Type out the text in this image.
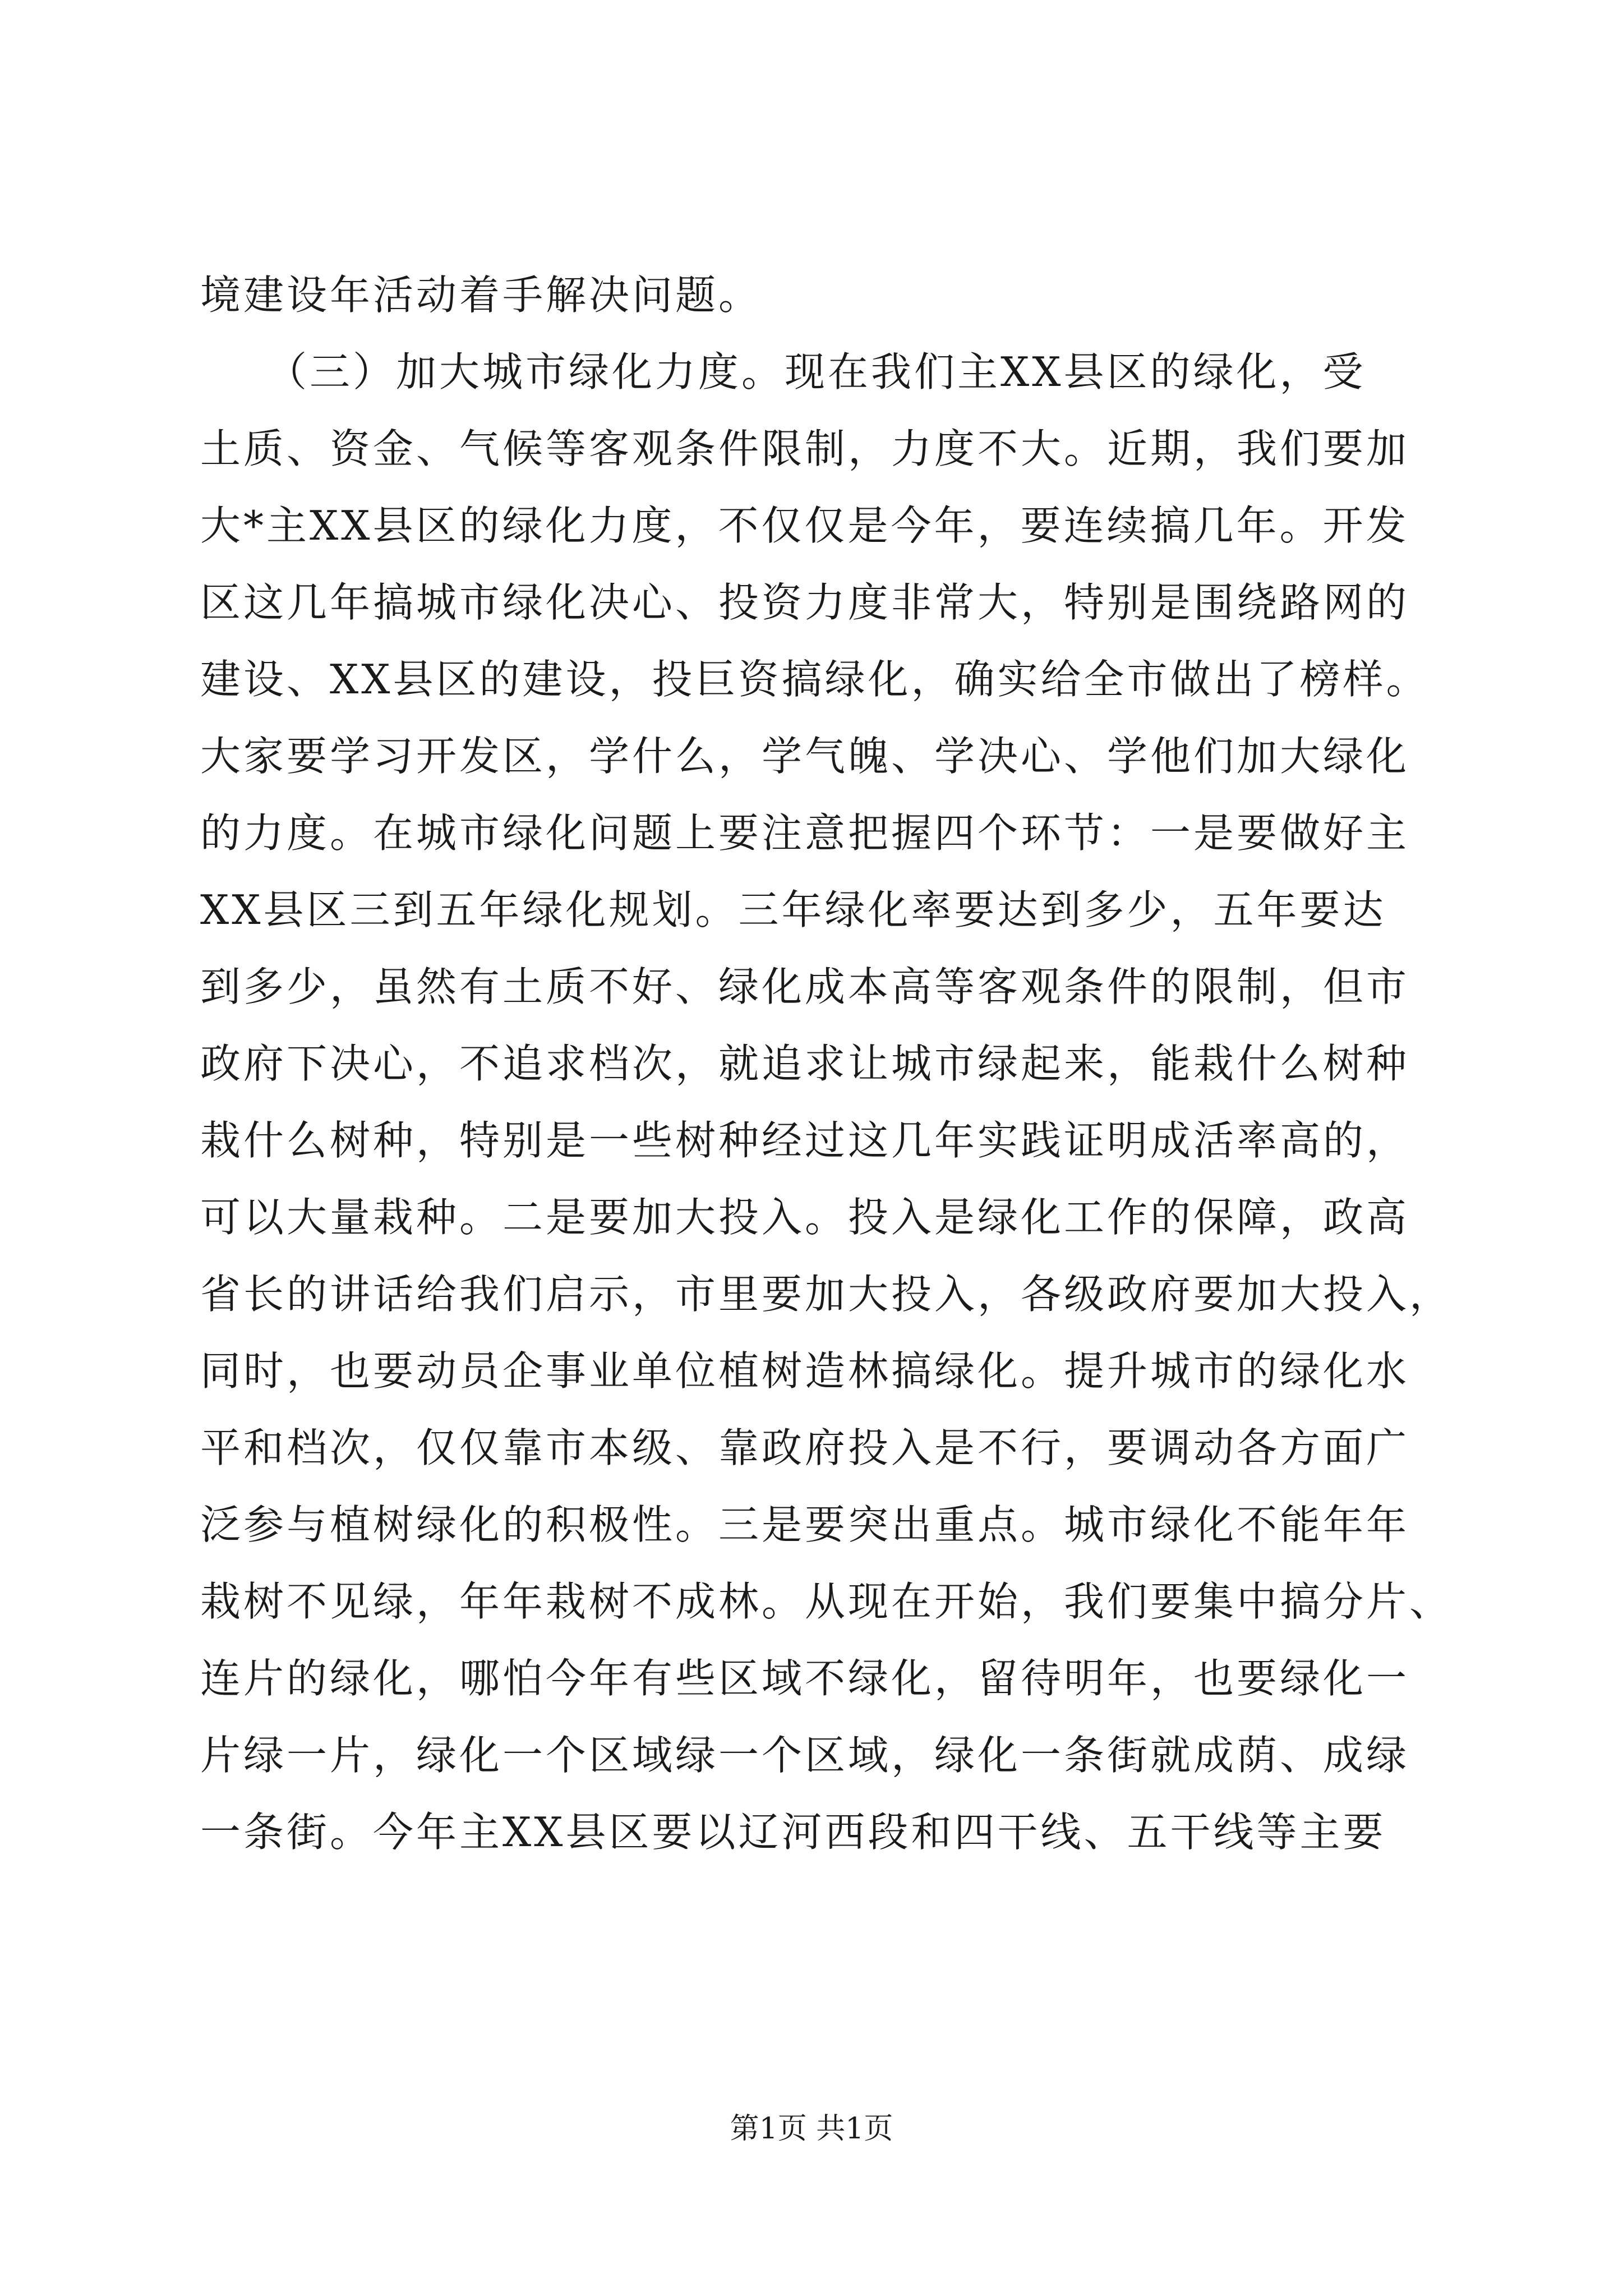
境建设年活动着手解决问题。
　　（三）加大城市绿化力度。现在我们主XX县区的绿化，受
土质、资金、气候等客观条件限制，力度不大。近期，我们要加
大*主XX县区的绿化力度，不仅仅是今年，要连续搞几年。开发
区这几年搞城市绿化决心、投资力度非常大，特别是围绕路网的
建设、XX县区的建设，投巨资搞绿化，确实给全市做出了榜样。
大家要学习开发区，学什么，学气魄、学决心、学他们加大绿化
的力度。在城市绿化问题上要注意把握四个环节：一是要做好主
XX县区三到五年绿化规划。三年绿化率要达到多少，五年要达
到多少，虽然有土质不好、绿化成本高等客观条件的限制，但市
政府下决心，不追求档次，就追求让城市绿起来，能栽什么树种
栽什么树种，特别是一些树种经过这几年实践证明成活率高的，
可以大量栽种。二是要加大投入。投入是绿化工作的保障，政高
省长的讲话给我们启示，市里要加大投入，各级政府要加大投入，
同时，也要动员企事业单位植树造林搞绿化。提升城市的绿化水
平和档次，仅仅靠市本级、靠政府投入是不行，要调动各方面广
泛参与植树绿化的积极性。三是要突出重点。城市绿化不能年年
栽树不见绿，年年栽树不成林。从现在开始，我们要集中搞分片、
连片的绿化，哪怕今年有些区域不绿化，留待明年，也要绿化一
片绿一片，绿化一个区域绿一个区域，绿化一条街就成荫、成绿
一条街。今年主XX县区要以辽河西段和四干线、五干线等主要
第1页 共1页
